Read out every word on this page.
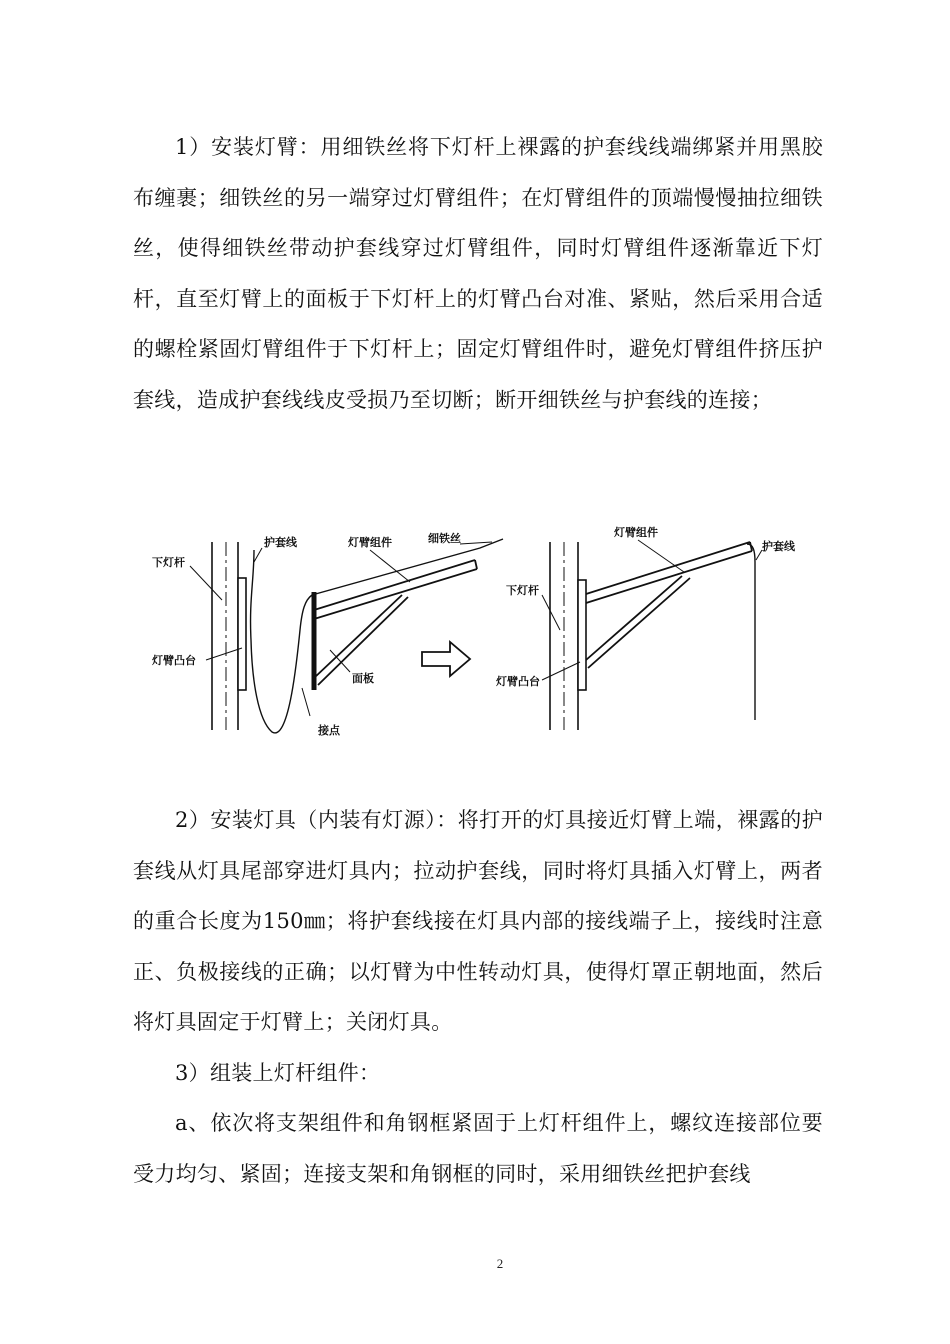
1）安装灯臂：用细铁丝将下灯杆上裸露的护套线线端绑紧并用黑胶布缠裹；细铁丝的另一端穿过灯臂组件；在灯臂组件的顶端慢慢抽拉细铁丝，使得细铁丝带动护套线穿过灯臂组件，同时灯臂组件逐渐靠近下灯杆，直至灯臂上的面板于下灯杆上的灯臂凸台对准、紧贴，然后采用合适的螺栓紧固灯臂组件于下灯杆上；固定灯臂组件时，避免灯臂组件挤压护套线，造成护套线线皮受损乃至切断；断开细铁丝与护套线的连接；

下灯杆
护套线	灯臂组件	细铁丝
灯臂凸台
面板
接点
灯臂组件
护套线
下灯杆
灯臂凸台

2）安装灯具（内装有灯源）：将打开的灯具接近灯臂上端，裸露的护套线从灯具尾部穿进灯具内；拉动护套线，同时将灯具插入灯臂上，两者的重合长度为150㎜；将护套线接在灯具内部的接线端子上，接线时注意正、负极接线的正确；以灯臂为中性转动灯具，使得灯罩正朝地面，然后将灯具固定于灯臂上；关闭灯具。

3）组装上灯杆组件：

a、依次将支架组件和角钢框紧固于上灯杆组件上，螺纹连接部位要受力均匀、紧固；连接支架和角钢框的同时，采用细铁丝把护套线

2
